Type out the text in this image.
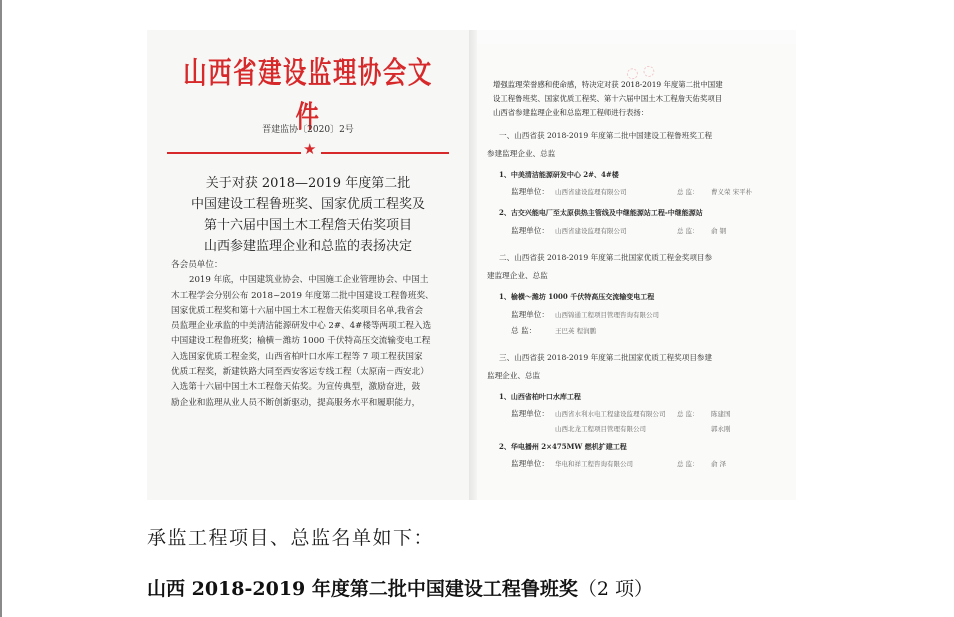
山西省建设监理协会文件
晋建监协〔2020〕2号
★
关于对获 2018—2019 年度第二批
中国建设工程鲁班奖、国家优质工程奖及
第十六届中国土木工程詹天佑奖项目
山西参建监理企业和总监的表扬决定

各会员单位：

2019 年底，中国建筑业协会、中国施工企业管理协会、中国土

木工程学会分别公布 2018~2019 年度第二批中国建设工程鲁班奖、

国家优质工程奖和第十六届中国土木工程詹天佑奖项目名单,我省会

员监理企业承监的中美清洁能源研发中心 2#、4#楼等两项工程入选

中国建设工程鲁班奖；榆横－潍坊 1000 千伏特高压交流输变电工程

入选国家优质工程金奖，山西省柏叶口水库工程等 7 项工程获国家

优质工程奖，新建铁路大同至西安客运专线工程（太原南－西安北）

入选第十六届中国土木工程詹天佑奖。为宣传典型，激励奋进，鼓

励企业和监理从业人员不断创新驱动，提高服务水平和履职能力，

◌ ◌
增强监理荣誉感和使命感，特决定对获 2018-2019 年度第二批中国建
设工程鲁班奖、国家优质工程奖、第十六届中国土木工程詹天佑奖项目
山西省参建监理企业和总监理工程师进行表扬：
一、山西省获 2018-2019 年度第二批中国建设工程鲁班奖工程
参建监理企业、总监
1、中美清洁能源研发中心 2#、4#楼
监理单位： 山西省建设监理有限公司	总 监： 曹义荣 宋平朴
2、古交兴能电厂至太原供热主管线及中继能源站工程-中继能源站
监理单位： 山西省建设监理有限公司	总 监： 俞 钢
二、山西省获 2018-2019 年度第二批国家优质工程金奖项目参
建监理企业、总监
1、榆横～潍坊 1000 千伏特高压交流输变电工程
监理单位： 山西锦通工程项目管理咨询有限公司
总 监：	王巴英 程润鹏
三、山西省获 2018-2019 年度第二批国家优质工程奖项目参建
监理企业、总监
1、山西省柏叶口水库工程
监理单位： 山西省水利水电工程建设监理有限公司 总 监： 陈建国
山西北龙工程项目管理有限公司	郭永刚
2、华电播州 2×475MW 燃机扩建工程
监理单位： 华电和祥工程咨询有限公司	总 监： 俞 泽
承监工程项目、总监名单如下：
山西 2018-2019 年度第二批中国建设工程鲁班奖（2 项）
